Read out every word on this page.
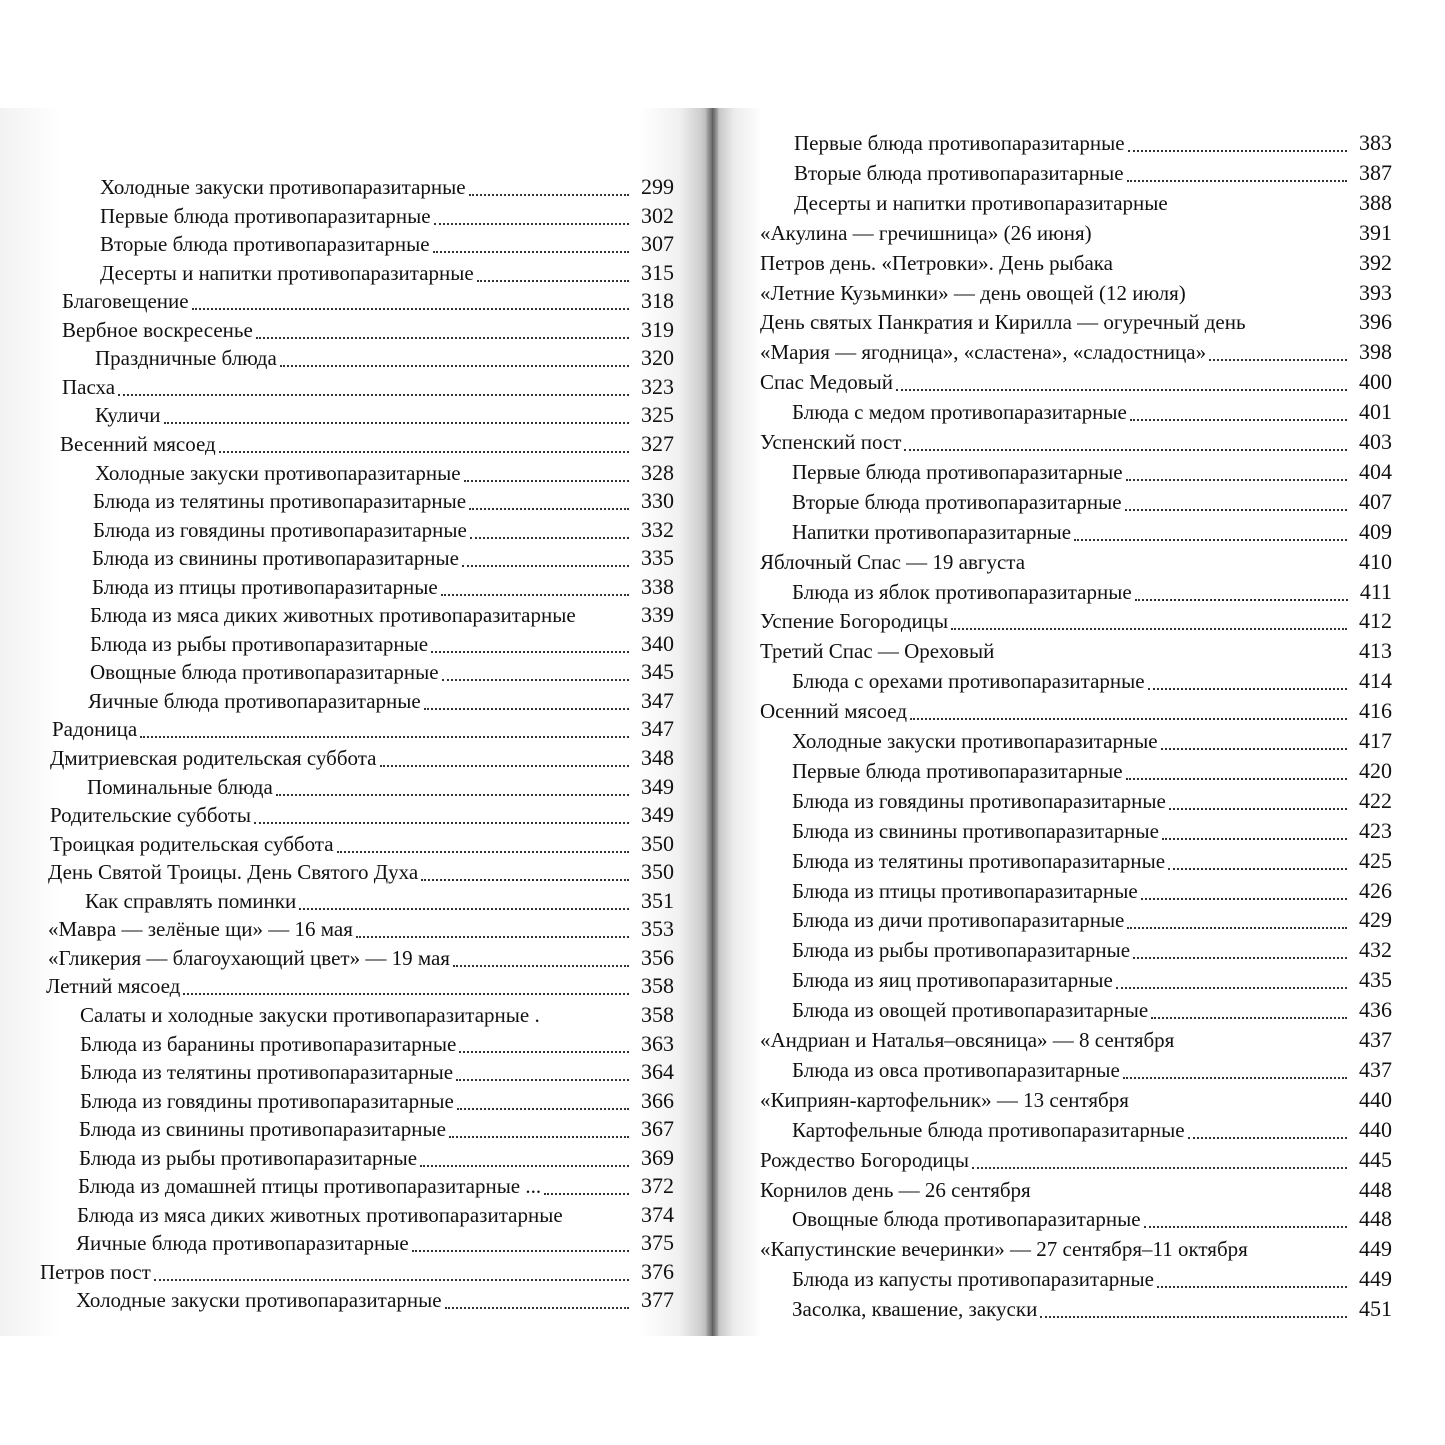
Холодные закуски противопаразитарные	299
Первые блюда противопаразитарные	302
Вторые блюда противопаразитарные	307
Десерты и напитки противопаразитарные	315
Благовещение	318
Вербное воскресенье	319
Праздничные блюда	320
Пасха	323
Куличи	325
Весенний мясоед	327
Холодные закуски противопаразитарные	328
Блюда из телятины противопаразитарные	330
Блюда из говядины противопаразитарные	332
Блюда из свинины противопаразитарные	335
Блюда из птицы противопаразитарные	338
Блюда из мяса диких животных противопаразитарные	339
Блюда из рыбы противопаразитарные	340
Овощные блюда противопаразитарные	345
Яичные блюда противопаразитарные	347
Радоница	347
Дмитриевская родительская суббота	348
Поминальные блюда	349
Родительские субботы	349
Троицкая родительская суббота	350
День Святой Троицы. День Святого Духа	350
Как справлять поминки	351
«Мавра — зелёные щи» — 16 мая	353
«Гликерия — благоухающий цвет» — 19 мая	356
Летний мясоед	358
Салаты и холодные закуски противопаразитарные .	358
Блюда из баранины противопаразитарные	363
Блюда из телятины противопаразитарные	364
Блюда из говядины противопаразитарные	366
Блюда из свинины противопаразитарные	367
Блюда из рыбы противопаразитарные	369
Блюда из домашней птицы противопаразитарные ...	372
Блюда из мяса диких животных противопаразитарные	374
Яичные блюда противопаразитарные	375
Петров пост	376
Холодные закуски противопаразитарные	377
Первые блюда противопаразитарные	383
Вторые блюда противопаразитарные	387
Десерты и напитки противопаразитарные	388
«Акулина — гречишница» (26 июня)	391
Петров день. «Петровки». День рыбака	392
«Летние Кузьминки» — день овощей (12 июля)	393
День святых Панкратия и Кирилла — огуречный день	396
«Мария — ягодница», «сластена», «сладостница»	398
Спас Медовый	400
Блюда с медом противопаразитарные	401
Успенский пост	403
Первые блюда противопаразитарные	404
Вторые блюда противопаразитарные	407
Напитки противопаразитарные	409
Яблочный Спас — 19 августа	410
Блюда из яблок противопаразитарные	411
Успение Богородицы	412
Третий Спас — Ореховый	413
Блюда с орехами противопаразитарные	414
Осенний мясоед	416
Холодные закуски противопаразитарные	417
Первые блюда противопаразитарные	420
Блюда из говядины противопаразитарные	422
Блюда из свинины противопаразитарные	423
Блюда из телятины противопаразитарные	425
Блюда из птицы противопаразитарные	426
Блюда из дичи противопаразитарные	429
Блюда из рыбы противопаразитарные	432
Блюда из яиц противопаразитарные	435
Блюда из овощей противопаразитарные	436
«Андриан и Наталья–овсяница» — 8 сентября	437
Блюда из овса противопаразитарные	437
«Киприян-картофельник» — 13 сентября	440
Картофельные блюда противопаразитарные	440
Рождество Богородицы	445
Корнилов день — 26 сентября	448
Овощные блюда противопаразитарные	448
«Капустинские вечеринки» — 27 сентября–11 октября	449
Блюда из капусты противопаразитарные	449
Засолка, квашение, закуски	451
